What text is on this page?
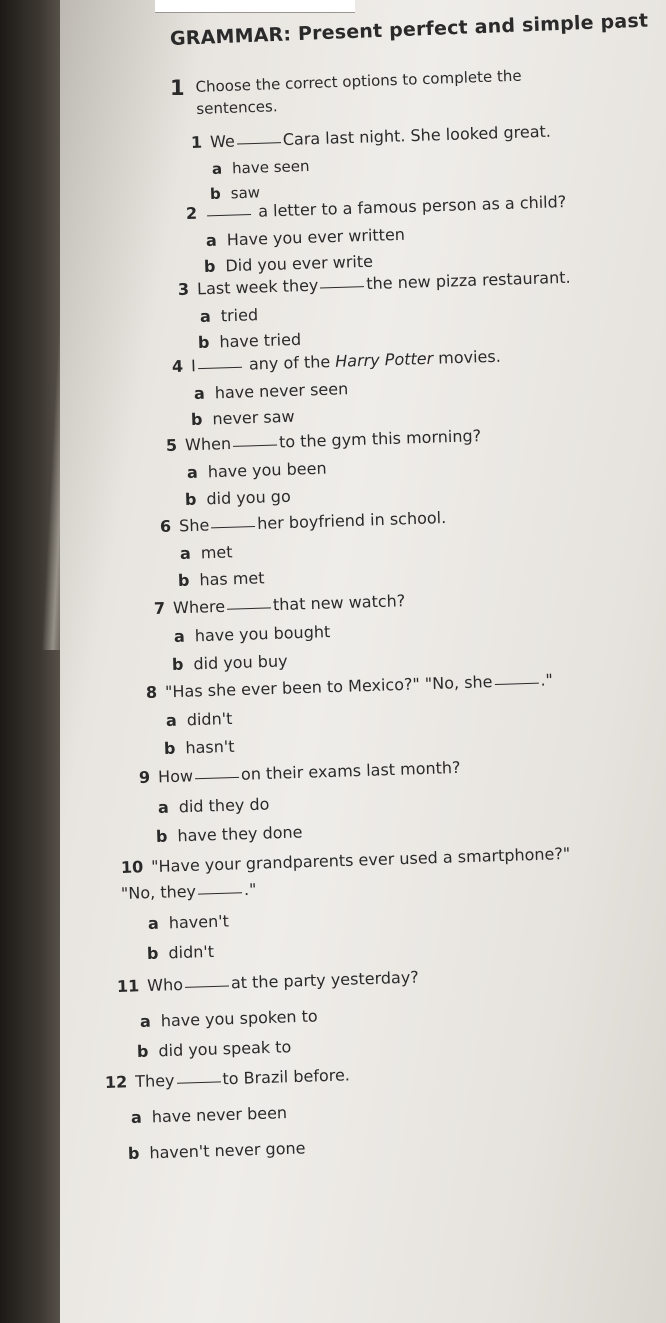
GRAMMAR: Present perfect and simple past
1 Choose the correct options to complete the sentences.
1 We	Cara last night. She looked great.
a have seen
b saw
2	a letter to a famous person as a child?
a Have you ever written
b Did you ever write
3 Last week they	the new pizza restaurant.
a tried
b have tried
4 I	any of the Harry Potter movies.
a have never seen
b never saw
5 When	to the gym this morning?
a have you been
b did you go
6 She	her boyfriend in school.
a met
b has met
7 Where	that new watch?
a have you bought
b did you buy
8 "Has she ever been to Mexico?" "No, she	."
a didn't
b hasn't
9 How	on their exams last month?
a did they do
b have they done
10 "Have your grandparents ever used a smartphone?"
"No, they	."
a haven't
b didn't
11 Who	at the party yesterday?
a have you spoken to
b did you speak to
12 They	to Brazil before.
a have never been
b haven't never gone
